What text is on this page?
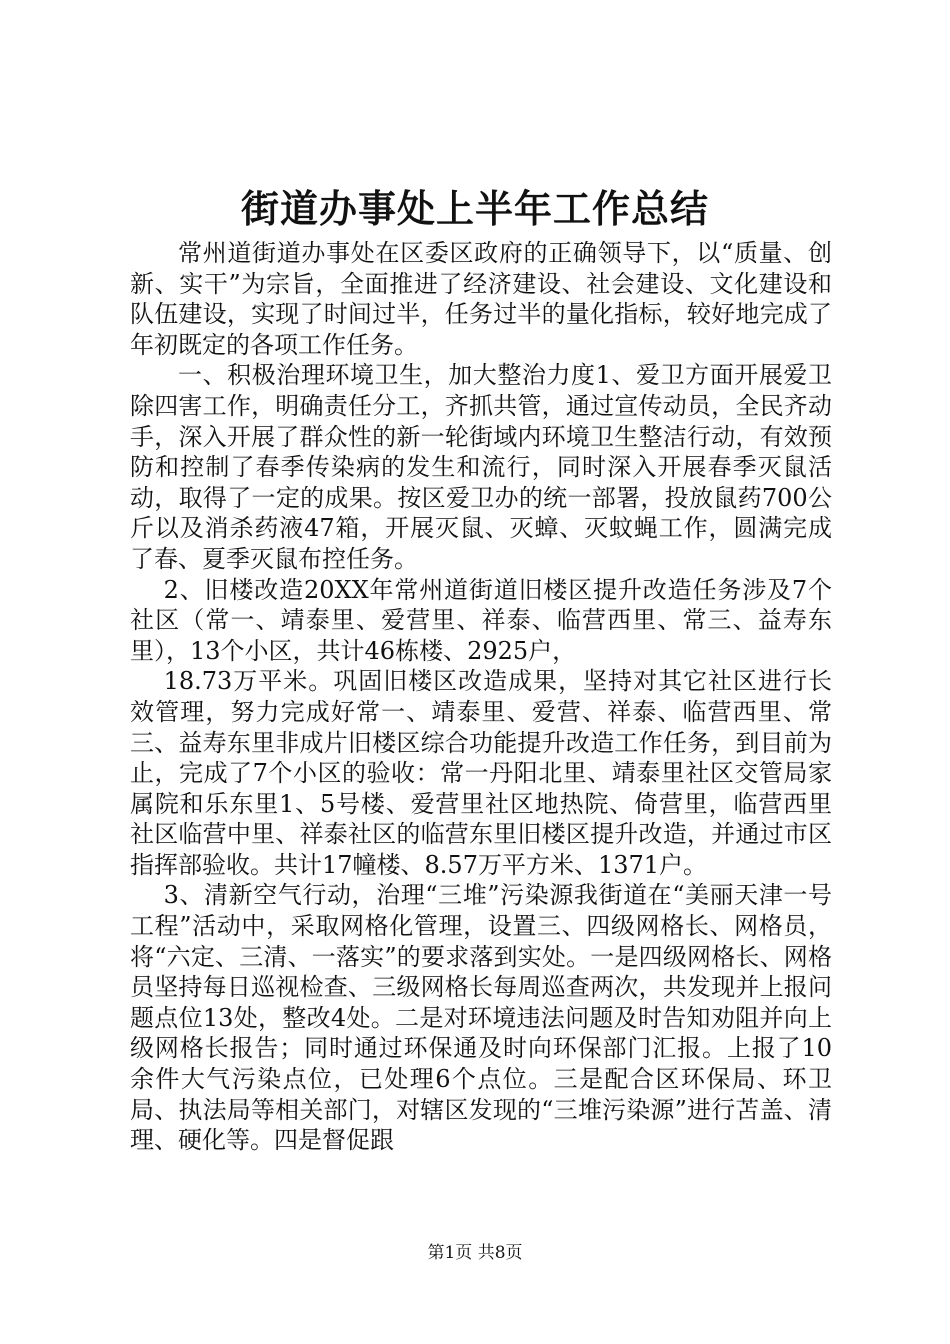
街道办事处上半年工作总结

常州道街道办事处在区委区政府的正确领导下，以“质量、创新、实干”为宗旨，全面推进了经济建设、社会建设、文化建设和队伍建设，实现了时间过半，任务过半的量化指标，较好地完成了年初既定的各项工作任务。

一、积极治理环境卫生，加大整治力度1、爱卫方面开展爱卫除四害工作，明确责任分工，齐抓共管，通过宣传动员，全民齐动手，深入开展了群众性的新一轮街域内环境卫生整洁行动，有效预防和控制了春季传染病的发生和流行，同时深入开展春季灭鼠活动，取得了一定的成果。按区爱卫办的统一部署，投放鼠药700公斤以及消杀药液47箱，开展灭鼠、灭蟑、灭蚊蝇工作，圆满完成了春、夏季灭鼠布控任务。

2、旧楼改造20XX年常州道街道旧楼区提升改造任务涉及7个社区（常一、靖泰里、爱营里、祥泰、临营西里、常三、益寿东里），13个小区，共计46栋楼、2925户，

18.73万平米。巩固旧楼区改造成果，坚持对其它社区进行长效管理，努力完成好常一、靖泰里、爱营、祥泰、临营西里、常三、益寿东里非成片旧楼区综合功能提升改造工作任务，到目前为止，完成了7个小区的验收：常一丹阳北里、靖泰里社区交管局家属院和乐东里1、5号楼、爱营里社区地热院、倚营里，临营西里社区临营中里、祥泰社区的临营东里旧楼区提升改造，并通过市区指挥部验收。共计17幢楼、8.57万平方米、1371户。

3、清新空气行动，治理“三堆”污染源我街道在“美丽天津一号工程”活动中，采取网格化管理，设置三、四级网格长、网格员，将“六定、三清、一落实”的要求落到实处。一是四级网格长、网格员坚持每日巡视检查、三级网格长每周巡查两次，共发现并上报问题点位13处，整改4处。二是对环境违法问题及时告知劝阻并向上级网格长报告；同时通过环保通及时向环保部门汇报。上报了10余件大气污染点位，已处理6个点位。三是配合区环保局、环卫局、执法局等相关部门，对辖区发现的“三堆污染源”进行苫盖、清理、硬化等。四是督促跟

第1页 共8页
